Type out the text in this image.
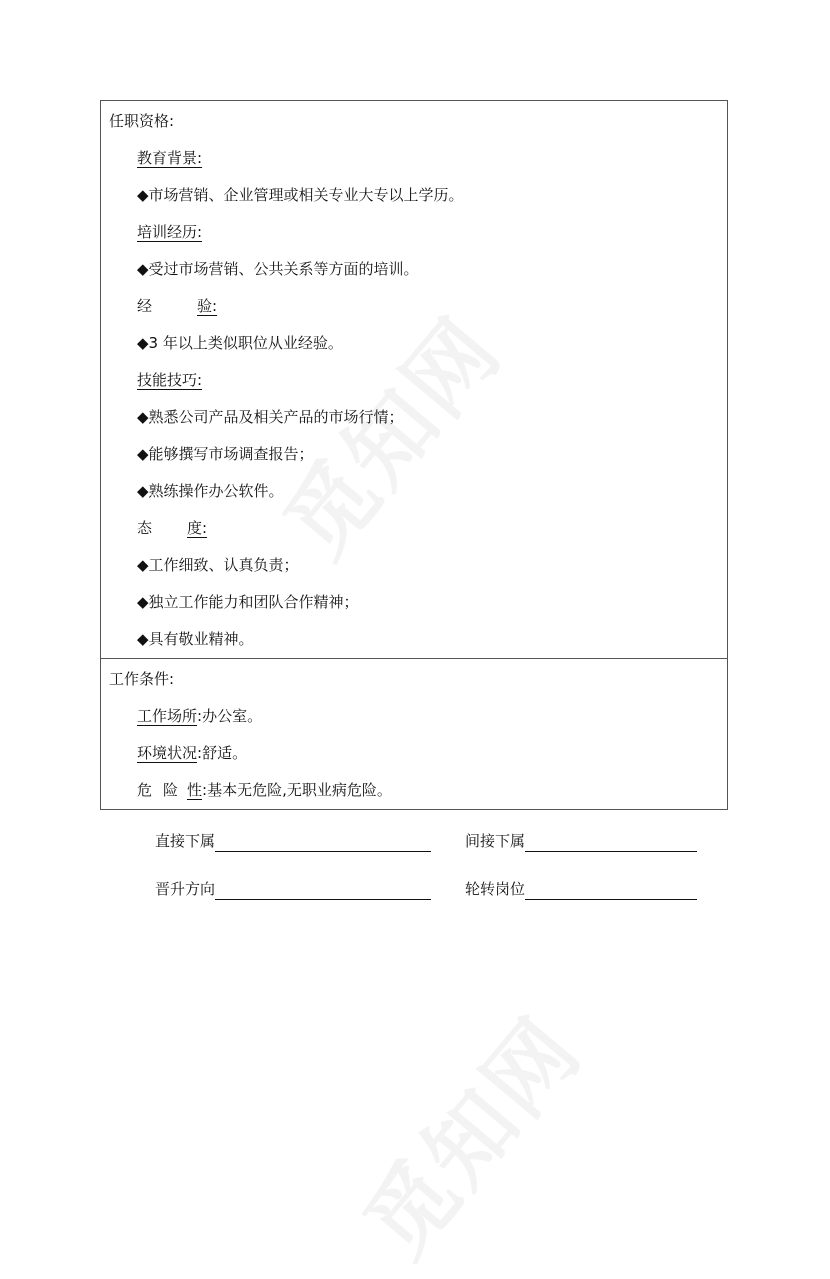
任职资格:
教育背景:
◆市场营销、企业管理或相关专业大专以上学历。
培训经历:
◆受过市场营销、公共关系等方面的培训。
经	验:
◆3 年以上类似职位从业经验。
技能技巧:
◆熟悉公司产品及相关产品的市场行情；
◆能够撰写市场调查报告；
◆熟练操作办公软件。
态 度:
◆工作细致、认真负责；
◆独立工作能力和团队合作精神；
◆具有敬业精神。
工作条件:
工作场所:办公室。
环境状况:舒适。
危 险 性:基本无危险,无职业病危险。
直接下属	间接下属
晋升方向	轮转岗位
